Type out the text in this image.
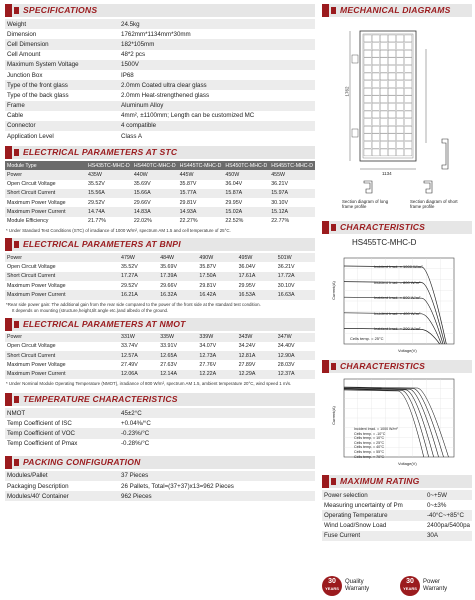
SPECIFICATIONS
Weight	24.5kg
Dimension	1762mm*1134mm*30mm
Cell Dimension	182*105mm
Cell Amount	48*2 pcs
Maximum System Voltage	1500V
Junction Box	IP68
Type of the front glass	2.0mm Coated ultra clear glass
Type of the back glass	2.0mm Heat-strengthened glass
Frame	Aluminum Alloy
Cable	4mm², ±1100mm; Length can be customized MC
Connector	4 compatible
Application Level	Class A
ELECTRICAL PARAMETERS AT STC
Module Type	HS435TC-MHC-D	HS440TC-MHC-D	HS445TC-MHC-D	HS450TC-MHC-D	HS455TC-MHC-D
Power	435W	440W	445W	450W	455W
Open Circuit Voltage	35.52V	35.69V	35.87V	36.04V	36.21V
Short Circuit Current	15.56A	15.66A	15.77A	15.87A	15.97A
Maximum Power Voltage	29.52V	29.66V	29.81V	29.95V	30.10V
Maximum Power Current	14.74A	14.83A	14.93A	15.02A	15.12A
Module Efficiency	21.77%	22.02%	22.27%	22.52%	22.77%
* Under Standard Test Conditions (STC) of irradiance of 1000 W/m², spectrum AM 1.5 and cell temperature of 25°C.
ELECTRICAL PARAMETERS AT BNPI
Power	479W	484W	490W	495W	501W
Open Circuit Voltage	35.52V	35.69V	35.87V	36.04V	36.21V
Short Circuit Current	17.27A	17.39A	17.50A	17.61A	17.72A
Maximum Power Voltage	29.52V	29.66V	29.81V	29.95V	30.10V
Maximum Power Current	16.21A	16.32A	16.42A	16.53A	16.63A
*Rear side power gain: The additional gain from the rear side compared to the power of the front side at the standard test condition.
It depends on mounting (structure,height,tilt angle etc.)and albedo of the ground.
ELECTRICAL PARAMETERS AT NMOT
Power	331W	335W	339W	343W	347W
Open Circuit Voltage	33.74V	33.91V	34.07V	34.24V	34.40V
Short Circuit Current	12.57A	12.65A	12.73A	12.81A	12.90A
Maximum Power Voltage	27.49V	27.63V	27.76V	27.89V	28.03V
Maximum Power Current	12.06A	12.14A	12.22A	12.29A	12.37A
* Under Nominal Module Operating Temperature (NMOT), irradiance of 800 W/m², spectrum AM 1.5, ambient temperature 20°C, wind speed 1 m/s.
TEMPERATURE CHARACTERISTICS
NMOT	45±2°C
Temp Coefficient of ISC	+0.04%/°C
Temp Coefficient of VOC	-0.23%/°C
Temp Coefficient of Pmax	-0.28%/°C
PACKING CONFIGURATION
Modules/Pallet	37 Pieces
Packaging Description	26 Pallets, Total=(37+37)x13=962 Pieces
Modules/40' Container	962 Pieces
MECHANICAL DIAGRAMS
1134
1762
Section diagram of long frame profile
Section diagram of short frame profile
CHARACTERISTICS
HS455TC-MHC-D
Current(A)
Voltage(V)
Incident Irrad. = 1000 W/m²
Incident Irrad. = 800 W/m²
Incident Irrad. = 600 W/m²
Incident Irrad. = 400 W/m²
Incident Irrad. = 200 W/m²
Cells temp. = 25°C
CHARACTERISTICS
Current(A)
Voltage(V)
Incident Irrad. = 1000 W/m²
Cells temp. = -10°C
Cells temp. = 10°C
Cells temp. = 25°C
Cells temp. = 40°C
Cells temp. = 55°C
Cells temp. = 70°C
MAXIMUM RATING
Power selection	0~+5W
Measuring uncertainty of Pm	0~±3%
Operating Temperature	-40°C~+85°C
Wind Load/Snow Load	2400pa/5400pa
Fuse Current	30A
30
YEARS
Quality
Warranty
30
YEARS
Power
Warranty
